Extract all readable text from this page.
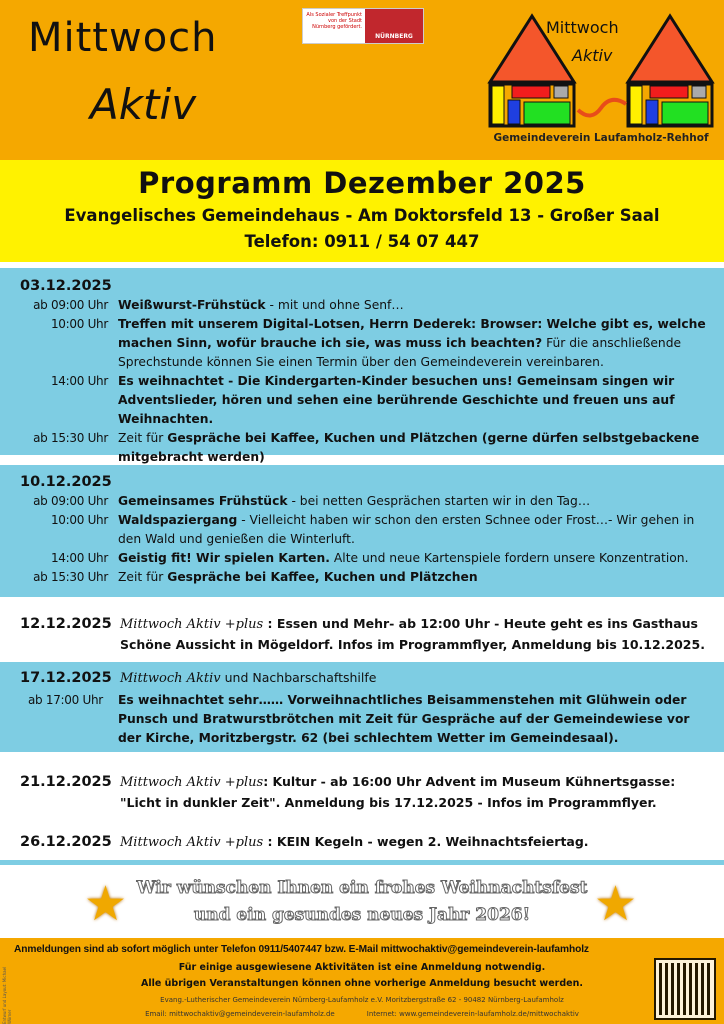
Mittwoch
Aktiv
Als Sozialer Treffpunkt von der Stadt Nürnberg gefördert.
NÜRNBERG	Mittwoch
Aktiv
Gemeindeverein Laufamholz-Rehhof
Programm Dezember 2025
Evangelisches Gemeindehaus - Am Doktorsfeld 13 - Großer Saal
Telefon: 0911 / 54 07 447
03.12.2025
ab 09:00 Uhr Weißwurst-Frühstück - mit und ohne Senf…
10:00 Uhr Treffen mit unserem Digital-Lotsen, Herrn Dederek: Browser: Welche gibt es, welche machen Sinn, wofür brauche ich sie, was muss ich beachten? Für die anschließende Sprechstunde können Sie einen Termin über den Gemeindeverein vereinbaren.
14:00 Uhr Es weihnachtet - Die Kindergarten-Kinder besuchen uns! Gemeinsam singen wir Adventslieder, hören und sehen eine berührende Geschichte und freuen uns auf Weihnachten.
ab 15:30 Uhr Zeit für Gespräche bei Kaffee, Kuchen und Plätzchen (gerne dürfen selbstgebackene mitgebracht werden)
10.12.2025
ab 09:00 Uhr Gemeinsames Frühstück - bei netten Gesprächen starten wir in den Tag…
10:00 Uhr Waldspaziergang - Vielleicht haben wir schon den ersten Schnee oder Frost…- Wir gehen in den Wald und genießen die Winterluft.
14:00 Uhr Geistig fit! Wir spielen Karten. Alte und neue Kartenspiele fordern unsere Konzentration.
ab 15:30 Uhr Zeit für Gespräche bei Kaffee, Kuchen und Plätzchen
12.12.2025 Mittwoch Aktiv +plus : Essen und Mehr- ab 12:00 Uhr - Heute geht es ins Gasthaus Schöne Aussicht in Mögeldorf. Infos im Programmflyer, Anmeldung bis 10.12.2025.
17.12.2025 Mittwoch Aktiv und Nachbarschaftshilfe
ab 17:00 Uhr	Es weihnachtet sehr…… Vorweihnachtliches Beisammenstehen mit Glühwein oder Punsch und Bratwurstbrötchen mit Zeit für Gespräche auf der Gemeindewiese vor der Kirche, Moritzbergstr. 62 (bei schlechtem Wetter im Gemeindesaal).
21.12.2025 Mittwoch Aktiv +plus: Kultur - ab 16:00 Uhr Advent im Museum Kühnertsgasse: "Licht in dunkler Zeit". Anmeldung bis 17.12.2025 - Infos im Programmflyer.
26.12.2025 Mittwoch Aktiv +plus : KEIN Kegeln - wegen 2. Weihnachtsfeiertag.
★	★
Wir wünschen Ihnen ein frohes Weihnachtsfest
und ein gesundes neues Jahr 2026!
Anmeldungen sind ab sofort möglich unter Telefon 0911/5407447 bzw. E-Mail mittwochaktiv@gemeindeverein-laufamholz
Für einige ausgewiesene Aktivitäten ist eine Anmeldung notwendig.
Alle übrigen Veranstaltungen können ohne vorherige Anmeldung besucht werden.
Evang.-Lutherischer Gemeindeverein Nürnberg-Laufamholz e.V. Moritzbergstraße 62 - 90482 Nürnberg-Laufamholz
Email: mittwochaktiv@gemeindeverein-laufamholz.de	Internet: www.gemeindeverein-laufamholz.de/mittwochaktiv
Entwurf und Layout: Michael Wörner
